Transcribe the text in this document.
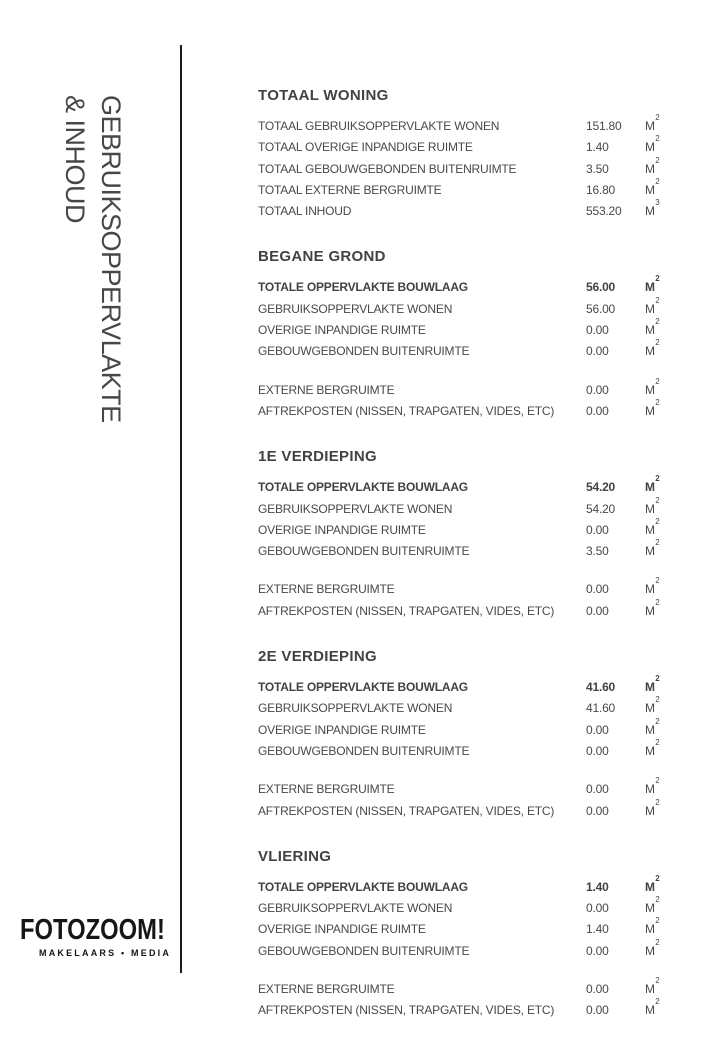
GEBRUIKSOPPERVLAKTE
& INHOUD	TOTAAL WONING
TOTAAL GEBRUIKSOPPERVLAKTE WONEN	151.80	$M^2$
TOTAAL OVERIGE INPANDIGE RUIMTE	1.40	$M^2$
TOTAAL GEBOUWGEBONDEN BUITENRUIMTE	3.50	$M^2$
TOTAAL EXTERNE BERGRUIMTE	16.80	$M^2$
TOTAAL INHOUD	553.20	$M^3$
BEGANE GROND
TOTALE OPPERVLAKTE BOUWLAAG	56.00	$M^2$
GEBRUIKSOPPERVLAKTE WONEN	56.00	$M^2$
OVERIGE INPANDIGE RUIMTE	0.00	$M^2$
GEBOUWGEBONDEN BUITENRUIMTE	0.00	$M^2$
EXTERNE BERGRUIMTE	0.00	$M^2$
AFTREKPOSTEN (NISSEN, TRAPGATEN, VIDES, ETC)	0.00	$M^2$
1E VERDIEPING
TOTALE OPPERVLAKTE BOUWLAAG	54.20	$M^2$
GEBRUIKSOPPERVLAKTE WONEN	54.20	$M^2$
OVERIGE INPANDIGE RUIMTE	0.00	$M^2$
GEBOUWGEBONDEN BUITENRUIMTE	3.50	$M^2$
EXTERNE BERGRUIMTE	0.00	$M^2$
AFTREKPOSTEN (NISSEN, TRAPGATEN, VIDES, ETC)	0.00	$M^2$
2E VERDIEPING
TOTALE OPPERVLAKTE BOUWLAAG	41.60	$M^2$
GEBRUIKSOPPERVLAKTE WONEN	41.60	$M^2$
OVERIGE INPANDIGE RUIMTE	0.00	$M^2$
GEBOUWGEBONDEN BUITENRUIMTE	0.00	$M^2$
EXTERNE BERGRUIMTE	0.00	$M^2$
AFTREKPOSTEN (NISSEN, TRAPGATEN, VIDES, ETC)	0.00	$M^2$
VLIERING
TOTALE OPPERVLAKTE BOUWLAAG	1.40	$M^2$
GEBRUIKSOPPERVLAKTE WONEN	0.00	$M^2$
OVERIGE INPANDIGE RUIMTE	1.40	$M^2$
GEBOUWGEBONDEN BUITENRUIMTE	0.00	$M^2$
EXTERNE BERGRUIMTE	0.00	$M^2$
AFTREKPOSTEN (NISSEN, TRAPGATEN, VIDES, ETC)	0.00	$M^2$
FOTOZOOM!
MAKELAARS • MEDIA
